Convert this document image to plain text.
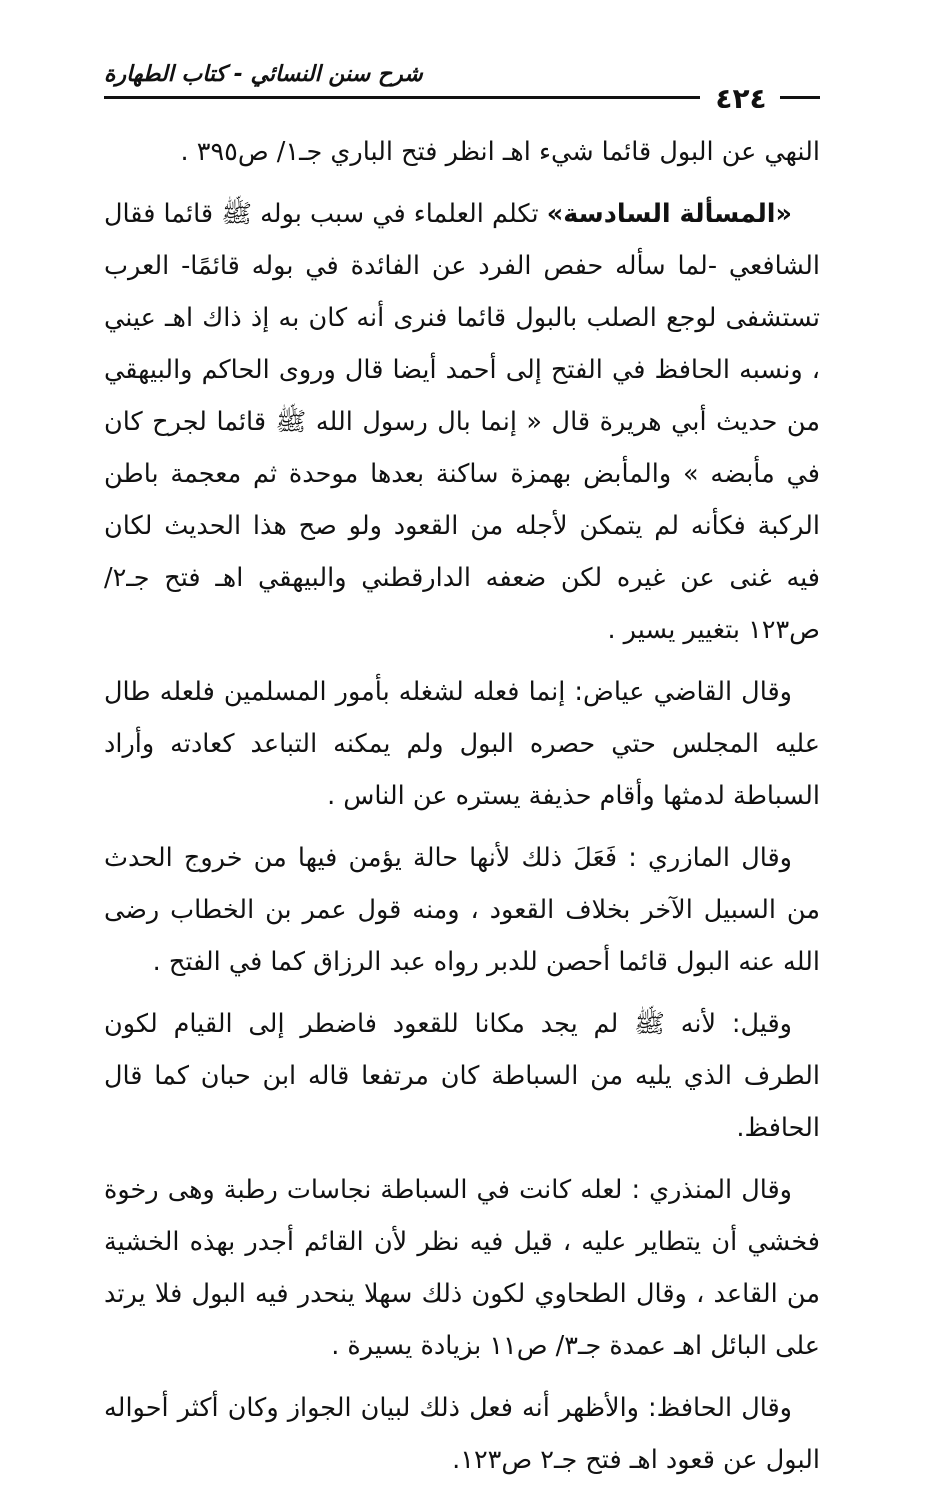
شرح سنن النسائي - كتاب الطهارة
٤٢٤

النهي عن البول قائما شيء اهـ انظر فتح الباري جـ١/ ص٣٩٥ .

«المسألة السادسة» تكلم العلماء في سبب بوله ﷺ قائما فقال الشافعي -لما سأله حفص الفرد عن الفائدة في بوله قائمًا- العرب تستشفى لوجع الصلب بالبول قائما فنرى أنه كان به إذ ذاك اهـ عيني ، ونسبه الحافظ في الفتح إلى أحمد أيضا قال وروى الحاكم والبيهقي من حديث أبي هريرة قال « إنما بال رسول الله ﷺ قائما لجرح كان في مأبضه » والمأبض بهمزة ساكنة بعدها موحدة ثم معجمة باطن الركبة فكأنه لم يتمكن لأجله من القعود ولو صح هذا الحديث لكان فيه غنى عن غيره لكن ضعفه الدارقطني والبيهقي اهـ فتح جـ٢/ ص١٢٣ بتغيير يسير .

وقال القاضي عياض: إنما فعله لشغله بأمور المسلمين فلعله طال عليه المجلس حتي حصره البول ولم يمكنه التباعد كعادته وأراد السباطة لدمثها وأقام حذيفة يستره عن الناس .

وقال المازري : فَعَلَ ذلك لأنها حالة يؤمن فيها من خروج الحدث من السبيل الآخر بخلاف القعود ، ومنه قول عمر بن الخطاب رضى الله عنه البول قائما أحصن للدبر رواه عبد الرزاق كما في الفتح .

وقيل: لأنه ﷺ لم يجد مكانا للقعود فاضطر إلى القيام لكون الطرف الذي يليه من السباطة كان مرتفعا قاله ابن حبان كما قال الحافظ.

وقال المنذري : لعله كانت في السباطة نجاسات رطبة وهى رخوة فخشي أن يتطاير عليه ، قيل فيه نظر لأن القائم أجدر بهذه الخشية من القاعد ، وقال الطحاوي لكون ذلك سهلا ينحدر فيه البول فلا يرتد على البائل اهـ عمدة جـ٣/ ص١١ بزيادة يسيرة .

وقال الحافظ: والأظهر أنه فعل ذلك لبيان الجواز وكان أكثر أحواله البول عن قعود اهـ فتح جـ٢ ص١٢٣.
